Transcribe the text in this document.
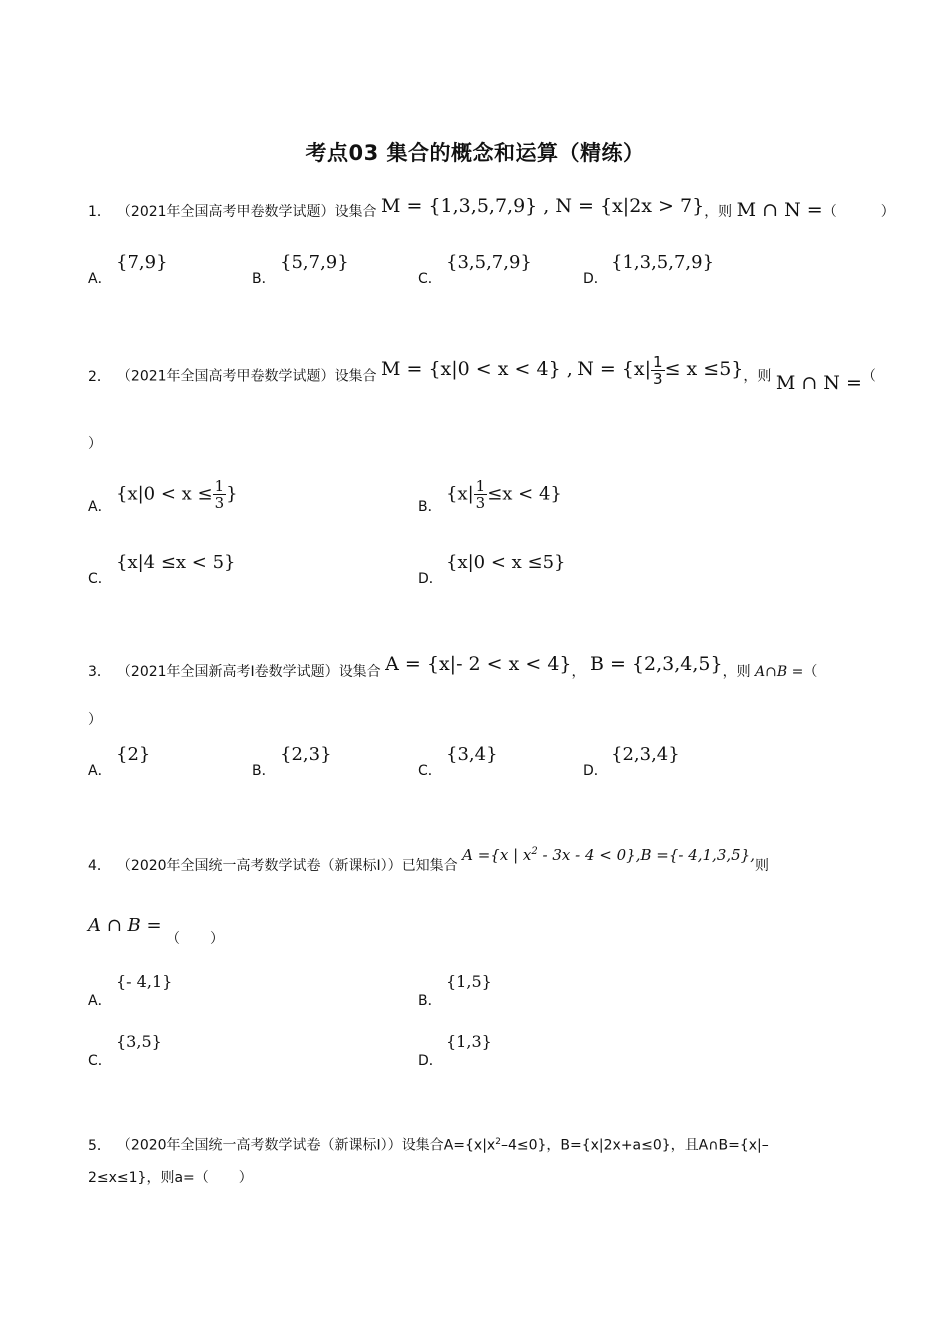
考点03 集合的概念和运算（精练）
1． （2021年全国高考甲卷数学试题）设集合 M = {1,3,5,7,9} , N = {x|2x > 7}，则 M ∩ N =（	）
A．
{7,9}
B．
{5,7,9}
C．
{3,5,7,9}
D．
{1,3,5,7,9}
2． （2021年全国高考甲卷数学试题）设集合 M = {x|0 < x < 4} , $N = \{x| \frac{1}{3} \le x \le 5\}$，则 M ∩ N =（
）
A．
{$x|0 < x \le \frac{1}{3}$ }
B．
$\{x| \frac{1}{3} \le x < 4\}$
C．
{x|4 ≤x < 5}
D．
{x|0 < x ≤5}
3． （2021年全国新高考Ⅰ卷数学试题）设集合 A = {x|- 2 < x < 4}， B = {2,3,4,5}，则 A∩B =（
）
A．
{2}
B．
{2,3}
C．
{3,4}
D．
{2,3,4}
4． （2020年全国统一高考数学试卷（新课标Ⅰ））已知集合 A ={x | $x^2 - 3x - 4 < 0\},B$ ={- 4,1,3,5},则
A ∩ B = （ ）
A．
{- 4,1}
B．
{1,5}
C．
{3,5}
D．
{1,3}
5． （2020年全国统一高考数学试卷（新课标Ⅰ））设集合$A=\{x|x^2-4\le 0\}$，B={x|2x+a≤0}，且A∩B={x|–
2≤x≤1}，则a=（ ）
